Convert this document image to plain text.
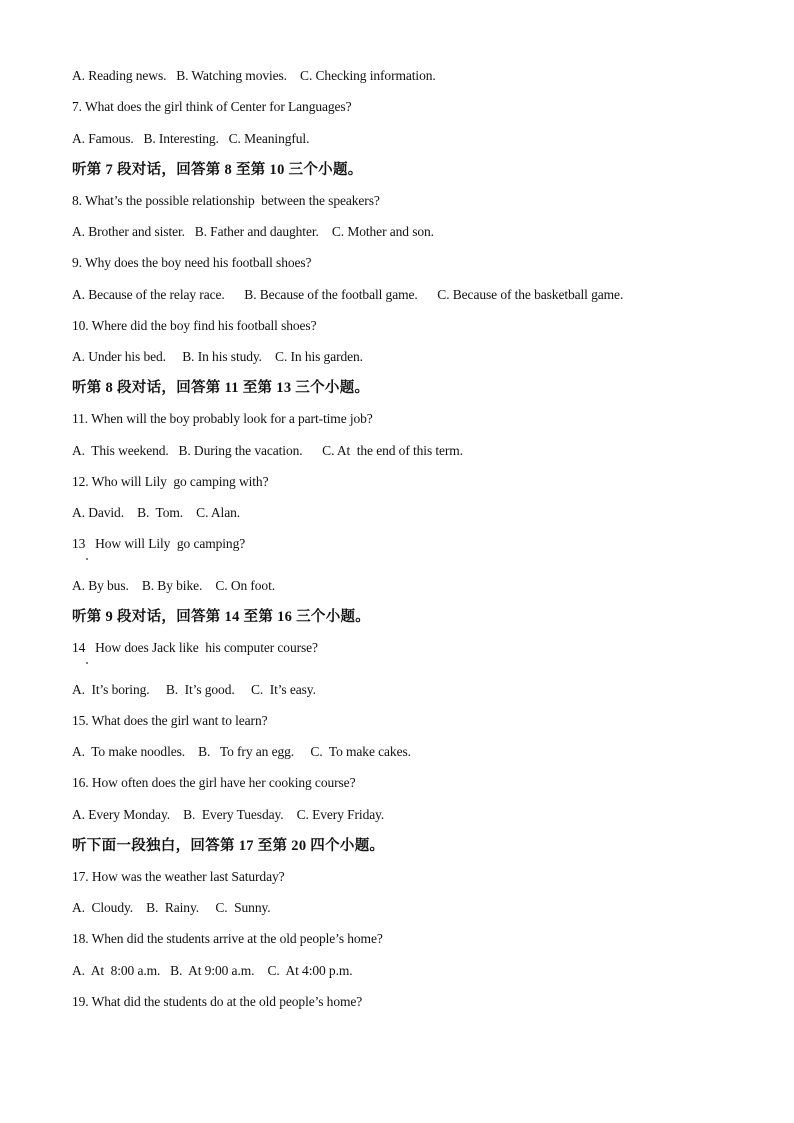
A. Reading news.   B. Watching movies.    C. Checking information.
7. What does the girl think of Center for Languages?
A. Famous.   B. Interesting.   C. Meaningful.
听第 7 段对话，回答第 8 至第 10 三个小题。
8. What’s the possible relationship  between the speakers?
A. Brother and sister.   B. Father and daughter.    C. Mother and son.
9. Why does the boy need his football shoes?
A. Because of the relay race.      B. Because of the football game.      C. Because of the basketball game.
10. Where did the boy find his football shoes?
A. Under his bed.     B. In his study.    C. In his garden.
听第 8 段对话，回答第 11 至第 13 三个小题。
11. When will the boy probably look for a part-time job?
A.  This weekend.   B. During the vacation.      C. At  the end of this term.
12. Who will Lily  go camping with?
A. David.    B.  Tom.    C. Alan.
13   How will Lily  go camping?
A. By bus.    B. By bike.    C. On foot.
听第 9 段对话，回答第 14 至第 16 三个小题。
14   How does Jack like  his computer course?
A.  It’s boring.     B.  It’s good.     C.  It’s easy.
15. What does the girl want to learn?
A.  To make noodles.    B.   To fry an egg.     C.  To make cakes.
16. How often does the girl have her cooking course?
A. Every Monday.    B.  Every Tuesday.    C. Every Friday.
听下面一段独白，回答第 17 至第 20 四个小题。
17. How was the weather last Saturday?
A.  Cloudy.    B.  Rainy.     C.  Sunny.
18. When did the students arrive at the old people’s home?
A.  At  8:00 a.m.   B.  At 9:00 a.m.    C.  At 4:00 p.m.
19. What did the students do at the old people’s home?
